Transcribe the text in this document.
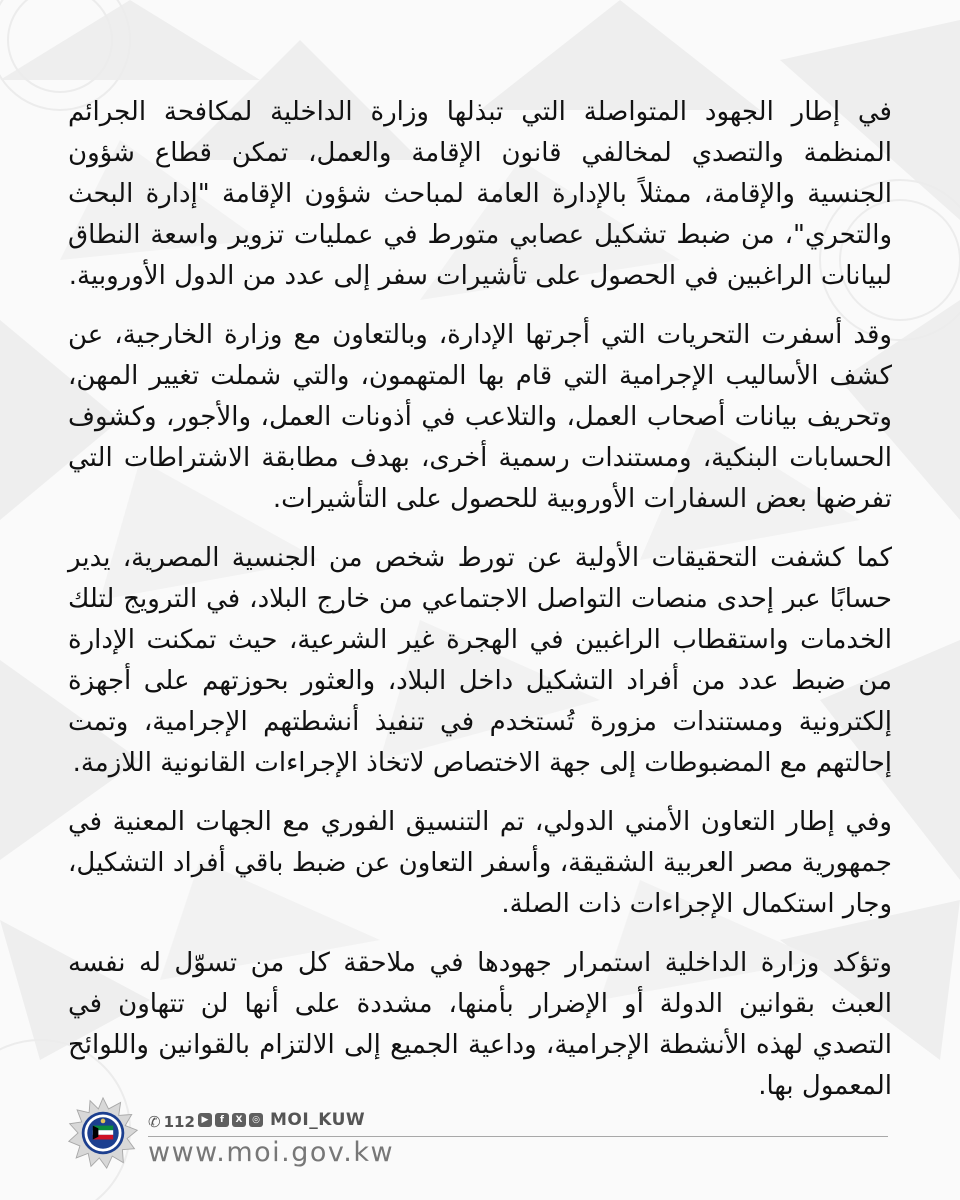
في إطار الجهود المتواصلة التي تبذلها وزارة الداخلية لمكافحة الجرائم المنظمة والتصدي لمخالفي قانون الإقامة والعمل، تمكن قطاع شؤون الجنسية والإقامة، ممثلاً بالإدارة العامة لمباحث شؤون الإقامة "إدارة البحث والتحري"، من ضبط تشكيل عصابي متورط في عمليات تزوير واسعة النطاق لبيانات الراغبين في الحصول على تأشيرات سفر إلى عدد من الدول الأوروبية.

وقد أسفرت التحريات التي أجرتها الإدارة، وبالتعاون مع وزارة الخارجية، عن كشف الأساليب الإجرامية التي قام بها المتهمون، والتي شملت تغيير المهن، وتحريف بيانات أصحاب العمل، والتلاعب في أذونات العمل، والأجور، وكشوف الحسابات البنكية، ومستندات رسمية أخرى، بهدف مطابقة الاشتراطات التي تفرضها بعض السفارات الأوروبية للحصول على التأشيرات.

كما كشفت التحقيقات الأولية عن تورط شخص من الجنسية المصرية، يدير حسابًا عبر إحدى منصات التواصل الاجتماعي من خارج البلاد، في الترويج لتلك الخدمات واستقطاب الراغبين في الهجرة غير الشرعية، حيث تمكنت الإدارة من ضبط عدد من أفراد التشكيل داخل البلاد، والعثور بحوزتهم على أجهزة إلكترونية ومستندات مزورة تُستخدم في تنفيذ أنشطتهم الإجرامية، وتمت إحالتهم مع المضبوطات إلى جهة الاختصاص لاتخاذ الإجراءات القانونية اللازمة.

وفي إطار التعاون الأمني الدولي، تم التنسيق الفوري مع الجهات المعنية في جمهورية مصر العربية الشقيقة، وأسفر التعاون عن ضبط باقي أفراد التشكيل، وجار استكمال الإجراءات ذات الصلة.

وتؤكد وزارة الداخلية استمرار جهودها في ملاحقة كل من تسوّل له نفسه العبث بقوانين الدولة أو الإضرار بأمنها، مشددة على أنها لن تتهاون في التصدي لهذه الأنشطة الإجرامية، وداعية الجميع إلى الالتزام بالقوانين واللوائح المعمول بها.

✆ 112 ▶	f	X	◎ MOI_KUW
www.moi.gov.kw
